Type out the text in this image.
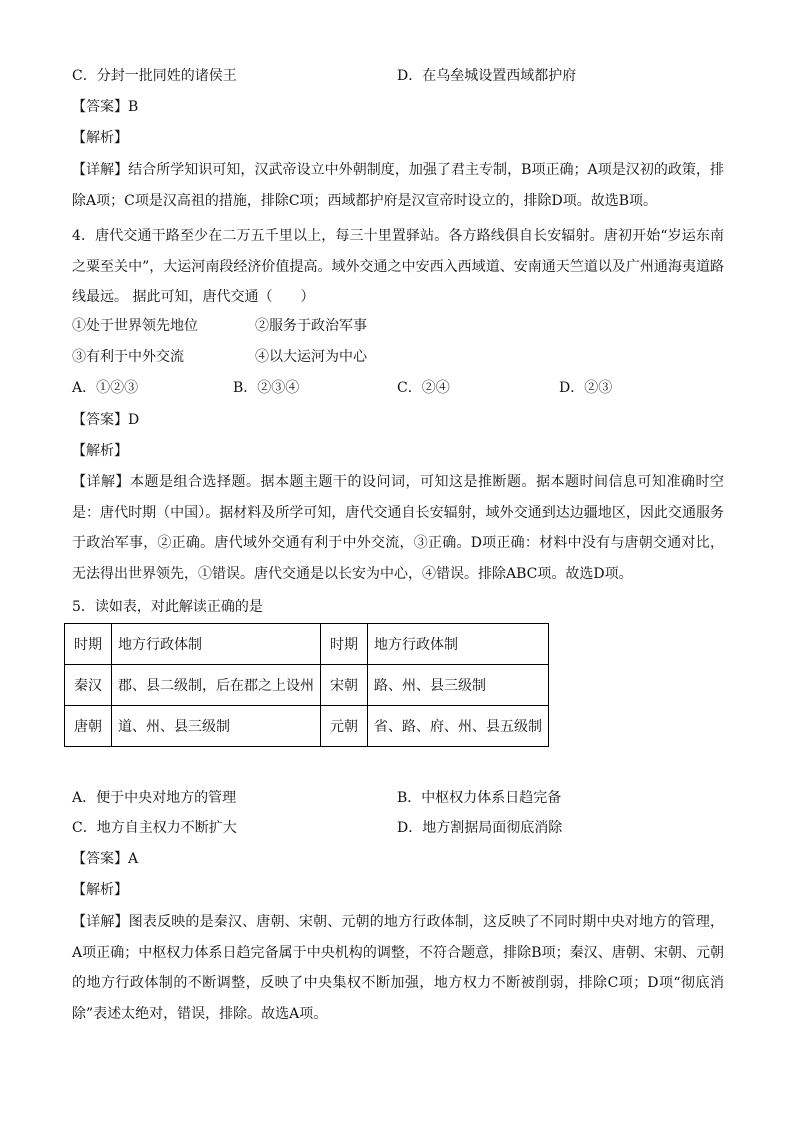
C．分封一批同姓的诸侯王	D．在乌垒城设置西域都护府
【答案】B
【解析】
【详解】结合所学知识可知，汉武帝设立中外朝制度，加强了君主专制，B项正确；A项是汉初的政策，排除A项；C项是汉高祖的措施，排除C项；西域都护府是汉宣帝时设立的，排除D项。故选B项。
4．唐代交通干路至少在二万五千里以上，每三十里置驿站。各方路线俱自长安辐射。唐初开始“岁运东南之粟至关中”，大运河南段经济价值提高。域外交通之中安西入西域道、安南通天竺道以及广州通海夷道路线最远。 据此可知，唐代交通（　　）
①处于世界领先地位	②服务于政治军事
③有利于中外交流	④以大运河为中心
A．①②③	B．②③④	C．②④	D．②③
【答案】D
【解析】
【详解】本题是组合选择题。据本题主题干的设问词，可知这是推断题。据本题时间信息可知准确时空是：唐代时期（中国）。据材料及所学可知，唐代交通自长安辐射，域外交通到达边疆地区，因此交通服务于政治军事，②正确。唐代域外交通有利于中外交流，③正确。D项正确：材料中没有与唐朝交通对比，无法得出世界领先，①错误。唐代交通是以长安为中心，④错误。排除ABC项。故选D项。
5．读如表，对此解读正确的是
时期	地方行政体制	时期	地方行政体制
秦汉	郡、县二级制，后在郡之上设州	宋朝	路、州、县三级制
唐朝	道、州、县三级制	元朝	省、路、府、州、县五级制
A．便于中央对地方的管理	B．中枢权力体系日趋完备
C．地方自主权力不断扩大	D．地方割据局面彻底消除
【答案】A
【解析】
【详解】图表反映的是秦汉、唐朝、宋朝、元朝的地方行政体制，这反映了不同时期中央对地方的管理，A项正确；中枢权力体系日趋完备属于中央机构的调整，不符合题意，排除B项；秦汉、唐朝、宋朝、元朝的地方行政体制的不断调整，反映了中央集权不断加强，地方权力不断被削弱，排除C项；D项“彻底消除”表述太绝对，错误，排除。故选A项。
